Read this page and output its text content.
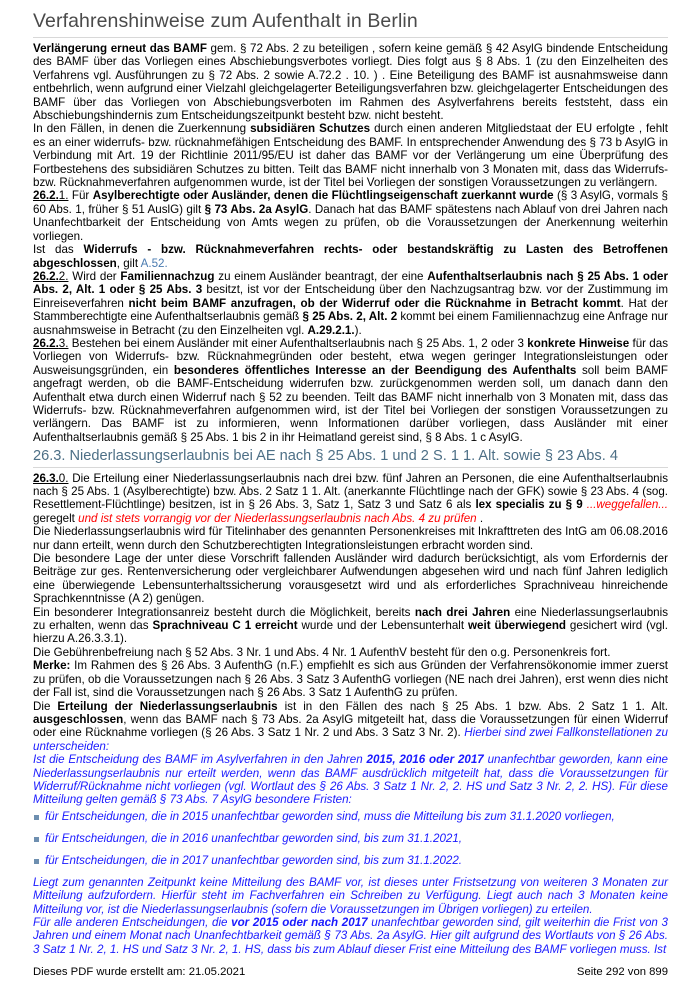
Verfahrenshinweise zum Aufenthalt in Berlin

Verlängerung erneut das BAMF gem. § 72 Abs. 2 zu beteiligen , sofern keine gemäß § 42 AsylG bindende Entscheidung des BAMF über das Vorliegen eines Abschiebungsverbotes vorliegt. Dies folgt aus § 8 Abs. 1 (zu den Einzelheiten des Verfahrens vgl. Ausführungen zu § 72 Abs. 2 sowie A.72.2 . 10. ) . Eine Beteiligung des BAMF ist ausnahmsweise dann entbehrlich, wenn aufgrund einer Vielzahl gleichgelagerter Beteiligungsverfahren bzw. gleichgelagerter Entscheidungen des BAMF über das Vorliegen von Abschiebungsverboten im Rahmen des Asylverfahrens bereits feststeht, dass ein Abschiebungshindernis zum Entscheidungszeitpunkt besteht bzw. nicht besteht.

In den Fällen, in denen die Zuerkennung subsidiären Schutzes durch einen anderen Mitgliedstaat der EU erfolgte , fehlt es an einer widerrufs- bzw. rücknahmefähigen Entscheidung des BAMF. In entsprechender Anwendung des § 73 b AsylG in Verbindung mit Art. 19 der Richtlinie 2011/95/EU ist daher das BAMF vor der Verlängerung um eine Überprüfung des Fortbestehens des subsidiären Schutzes zu bitten. Teilt das BAMF nicht innerhalb von 3 Monaten mit, dass das Widerrufs- bzw. Rücknahmeverfahren aufgenommen wurde, ist der Titel bei Vorliegen der sonstigen Voraussetzungen zu verlängern.

26.2.1. Für Asylberechtigte oder Ausländer, denen die Flüchtlingseigenschaft zuerkannt wurde (§ 3 AsylG, vormals § 60 Abs. 1, früher § 51 AuslG) gilt § 73 Abs. 2a AsylG. Danach hat das BAMF spätestens nach Ablauf von drei Jahren nach Unanfechtbarkeit der Entscheidung von Amts wegen zu prüfen, ob die Voraussetzungen der Anerkennung weiterhin vorliegen.

Ist das Widerrufs - bzw. Rücknahmeverfahren rechts- oder bestandskräftig zu Lasten des Betroffenen abgeschlossen, gilt A.52.

26.2.2. Wird der Familiennachzug zu einem Ausländer beantragt, der eine Aufenthaltserlaubnis nach § 25 Abs. 1 oder Abs. 2, Alt. 1 oder § 25 Abs. 3 besitzt, ist vor der Entscheidung über den Nachzugsantrag bzw. vor der Zustimmung im Einreiseverfahren nicht beim BAMF anzufragen, ob der Widerruf oder die Rücknahme in Betracht kommt. Hat der Stammberechtigte eine Aufenthaltserlaubnis gemäß § 25 Abs. 2, Alt. 2 kommt bei einem Familiennachzug eine Anfrage nur ausnahmsweise in Betracht (zu den Einzelheiten vgl. A.29.2.1.).

26.2.3. Bestehen bei einem Ausländer mit einer Aufenthaltserlaubnis nach § 25 Abs. 1, 2 oder 3 konkrete Hinweise für das Vorliegen von Widerrufs- bzw. Rücknahmegründen oder besteht, etwa wegen geringer Integrationsleistungen oder Ausweisungsgründen, ein besonderes öffentliches Interesse an der Beendigung des Aufenthalts soll beim BAMF angefragt werden, ob die BAMF-Entscheidung widerrufen bzw. zurückgenommen werden soll, um danach dann den Aufenthalt etwa durch einen Widerruf nach § 52 zu beenden. Teilt das BAMF nicht innerhalb von 3 Monaten mit, dass das Widerrufs- bzw. Rücknahmeverfahren aufgenommen wird, ist der Titel bei Vorliegen der sonstigen Voraussetzungen zu verlängern. Das BAMF ist zu informieren, wenn Informationen darüber vorliegen, dass Ausländer mit einer Aufenthaltserlaubnis gemäß § 25 Abs. 1 bis 2 in ihr Heimatland gereist sind, § 8 Abs. 1 c AsylG.

26.3. Niederlassungserlaubnis bei AE nach § 25 Abs. 1 und 2 S. 1 1. Alt. sowie § 23 Abs. 4

26.3.0. Die Erteilung einer Niederlassungserlaubnis nach drei bzw. fünf Jahren an Personen, die eine Aufenthaltserlaubnis nach § 25 Abs. 1 (Asylberechtigte) bzw. Abs. 2 Satz 1 1. Alt. (anerkannte Flüchtlinge nach der GFK) sowie § 23 Abs. 4 (sog. Resettlement-Flüchtlinge) besitzen, ist in § 26 Abs. 3, Satz 1, Satz 3 und Satz 6 als lex specialis zu § 9 ...weggefallen... geregelt und ist stets vorrangig vor der Niederlassungserlaubnis nach Abs. 4 zu prüfen .

Die Niederlassungserlaubnis wird für Titelinhaber des genannten Personenkreises mit Inkrafttreten des IntG am 06.08.2016 nur dann erteilt, wenn durch den Schutzberechtigten Integrationsleistungen erbracht worden sind.

Die besondere Lage der unter diese Vorschrift fallenden Ausländer wird dadurch berücksichtigt, als vom Erfordernis der Beiträge zur ges. Rentenversicherung oder vergleichbarer Aufwendungen abgesehen wird und nach fünf Jahren lediglich eine überwiegende Lebensunterhaltssicherung vorausgesetzt wird und als erforderliches Sprachniveau hinreichende Sprachkenntnisse (A 2) genügen.

Ein besonderer Integrationsanreiz besteht durch die Möglichkeit, bereits nach drei Jahren eine Niederlassungserlaubnis zu erhalten, wenn das Sprachniveau C 1 erreicht wurde und der Lebensunterhalt weit überwiegend gesichert wird (vgl. hierzu A.26.3.3.1).

Die Gebührenbefreiung nach § 52 Abs. 3 Nr. 1 und Abs. 4 Nr. 1 AufenthV besteht für den o.g. Personenkreis fort.

Merke: Im Rahmen des § 26 Abs. 3 AufenthG (n.F.) empfiehlt es sich aus Gründen der Verfahrensökonomie immer zuerst zu prüfen, ob die Voraussetzungen nach § 26 Abs. 3 Satz 3 AufenthG vorliegen (NE nach drei Jahren), erst wenn dies nicht der Fall ist, sind die Voraussetzungen nach § 26 Abs. 3 Satz 1 AufenthG zu prüfen.

Die Erteilung der Niederlassungserlaubnis ist in den Fällen des nach § 25 Abs. 1 bzw. Abs. 2 Satz 1 1. Alt. ausgeschlossen, wenn das BAMF nach § 73 Abs. 2a AsylG mitgeteilt hat, dass die Voraussetzungen für einen Widerruf oder eine Rücknahme vorliegen (§ 26 Abs. 3 Satz 1 Nr. 2 und Abs. 3 Satz 3 Nr. 2). Hierbei sind zwei Fallkonstellationen zu unterscheiden:

Ist die Entscheidung des BAMF im Asylverfahren in den Jahren 2015, 2016 oder 2017 unanfechtbar geworden, kann eine Niederlassungserlaubnis nur erteilt werden, wenn das BAMF ausdrücklich mitgeteilt hat, dass die Voraussetzungen für Widerruf/Rücknahme nicht vorliegen (vgl. Wortlaut des § 26 Abs. 3 Satz 1 Nr. 2, 2. HS und Satz 3 Nr. 2, 2. HS). Für diese Mitteilung gelten gemäß § 73 Abs. 7 AsylG besondere Fristen:

für Entscheidungen, die in 2015 unanfechtbar geworden sind, muss die Mitteilung bis zum 31.1.2020 vorliegen,
für Entscheidungen, die in 2016 unanfechtbar geworden sind, bis zum 31.1.2021,
für Entscheidungen, die in 2017 unanfechtbar geworden sind, bis zum 31.1.2022.

Liegt zum genannten Zeitpunkt keine Mitteilung des BAMF vor, ist dieses unter Fristsetzung von weiteren 3 Monaten zur Mitteilung aufzufordern. Hierfür steht im Fachverfahren ein Schreiben zu Verfügung. Liegt auch nach 3 Monaten keine Mitteilung vor, ist die Niederlassungserlaubnis (sofern die Voraussetzungen im Übrigen vorliegen) zu erteilen.

Für alle anderen Entscheidungen, die vor 2015 oder nach 2017 unanfechtbar geworden sind, gilt weiterhin die Frist von 3 Jahren und einem Monat nach Unanfechtbarkeit gemäß § 73 Abs. 2a AsylG. Hier gilt aufgrund des Wortlauts von § 26 Abs. 3 Satz 1 Nr. 2, 1. HS und Satz 3 Nr. 2, 1. HS, dass bis zum Ablauf dieser Frist eine Mitteilung des BAMF vorliegen muss. Ist

Dieses PDF wurde erstellt am: 21.05.2021	Seite 292 von 899
